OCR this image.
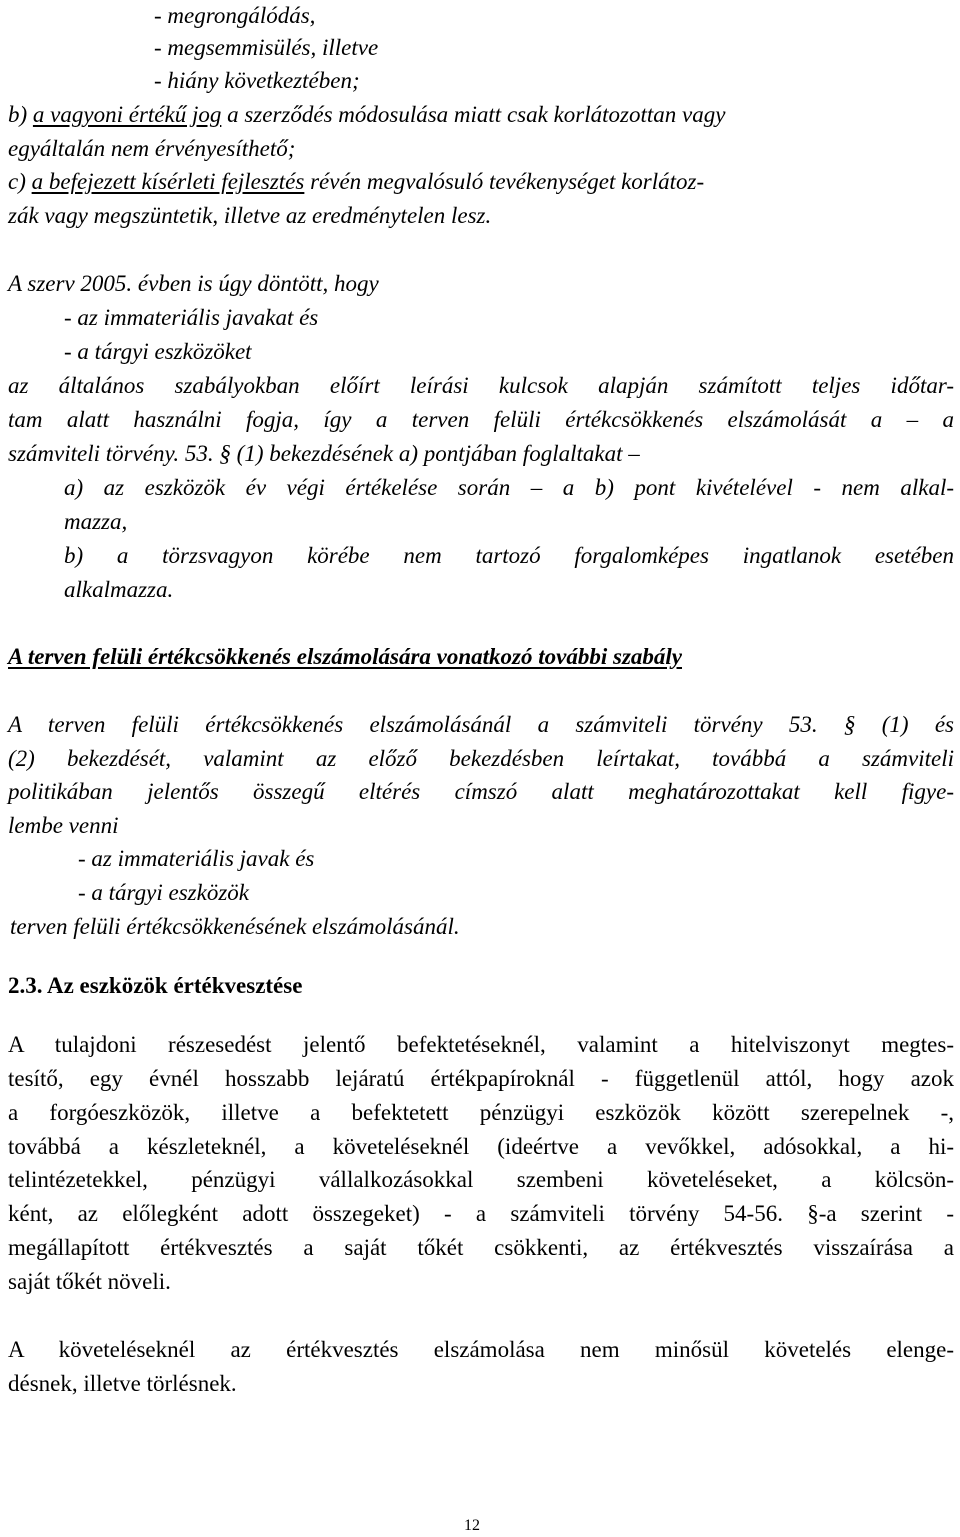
- megrongálódás,
- megsemmisülés, illetve
- hiány következtében;
b) a vagyoni értékű jog a szerződés módosulása miatt csak korlátozottan vagy
egyáltalán nem érvényesíthető;
c) a befejezett kísérleti fejlesztés révén megvalósuló tevékenységet korlátoz-
zák vagy megszüntetik, illetve az eredménytelen lesz.
A szerv 2005. évben is úgy döntött, hogy
- az immateriális javakat és
- a tárgyi eszközöket
az általános szabályokban előírt leírási kulcsok alapján számított teljes időtar-
tam alatt használni fogja, így a terven felüli értékcsökkenés elszámolását a – a
számviteli törvény. 53. § (1) bekezdésének a) pontjában foglaltakat –
a) az eszközök év végi értékelése során – a b) pont kivételével - nem alkal-
mazza,
b) a törzsvagyon körébe nem tartozó forgalomképes ingatlanok esetében
alkalmazza.
A terven felüli értékcsökkenés elszámolására vonatkozó további szabály
A terven felüli értékcsökkenés elszámolásánál a számviteli törvény 53. § (1) és
(2) bekezdését, valamint az előző bekezdésben leírtakat, továbbá a számviteli
politikában jelentős összegű eltérés címszó alatt meghatározottakat kell figye-
lembe venni
- az immateriális javak és
- a tárgyi eszközök
terven felüli értékcsökkenésének elszámolásánál.
2.3. Az eszközök értékvesztése
A tulajdoni részesedést jelentő befektetéseknél, valamint a hitelviszonyt megtes-
tesítő, egy évnél hosszabb lejáratú értékpapíroknál - függetlenül attól, hogy azok
a forgóeszközök, illetve a befektetett pénzügyi eszközök között szerepelnek -,
továbbá a készleteknél, a követeléseknél (ideértve a vevőkkel, adósokkal, a hi-
telintézetekkel, pénzügyi vállalkozásokkal szembeni követeléseket, a kölcsön-
ként, az előlegként adott összegeket) - a számviteli törvény 54-56. §-a szerint -
megállapított értékvesztés a saját tőkét csökkenti, az értékvesztés visszaírása a
saját tőkét növeli.
A követeléseknél az értékvesztés elszámolása nem minősül követelés elenge-
désnek, illetve törlésnek.
12
